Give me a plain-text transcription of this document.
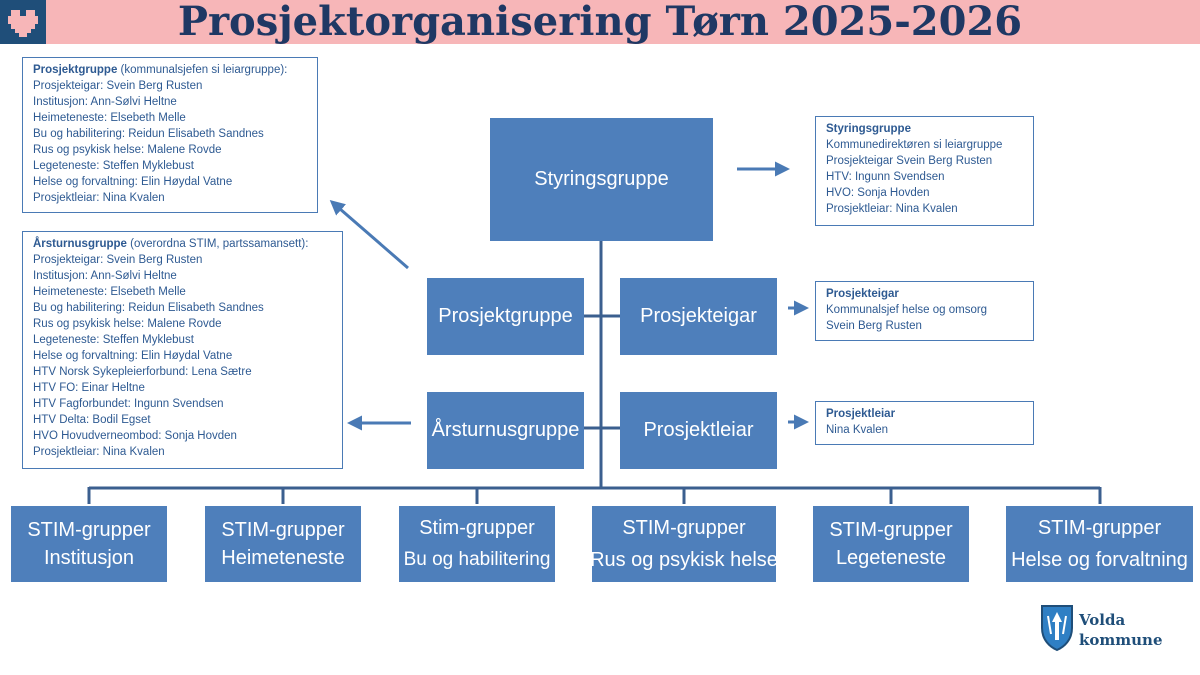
Prosjektorganisering Tørn 2025-2026
Styringsgruppe
Prosjektgruppe	Prosjekteigar
Årsturnusgruppe	Prosjektleiar
STIM-grupper
Institusjon
STIM-grupper
Heimeteneste
Stim-grupper
Bu og habilitering
STIM-grupper
Rus og psykisk helse
STIM-grupper
Legeteneste
STIM-grupper
Helse og forvaltning
Prosjektgruppe (kommunalsjefen si leiargruppe):
Prosjekteigar: Svein Berg Rusten
Institusjon: Ann-Sølvi Heltne
Heimeteneste: Elsebeth Melle
Bu og habilitering: Reidun Elisabeth Sandnes
Rus og psykisk helse: Malene Rovde
Legeteneste: Steffen Myklebust
Helse og forvaltning: Elin Høydal Vatne
Prosjektleiar: Nina Kvalen
Årsturnusgruppe (overordna STIM, partssamansett):
Prosjekteigar: Svein Berg Rusten
Institusjon: Ann-Sølvi Heltne
Heimeteneste: Elsebeth Melle
Bu og habilitering: Reidun Elisabeth Sandnes
Rus og psykisk helse: Malene Rovde
Legeteneste: Steffen Myklebust
Helse og forvaltning: Elin Høydal Vatne
HTV Norsk Sykepleierforbund: Lena Sætre
HTV FO: Einar Heltne
HTV Fagforbundet: Ingunn Svendsen
HTV Delta: Bodil Egset
HVO Hovudverneombod: Sonja Hovden
Prosjektleiar: Nina Kvalen
Styringsgruppe
Kommunedirektøren si leiargruppe
Prosjekteigar Svein Berg Rusten
HTV: Ingunn Svendsen
HVO: Sonja Hovden
Prosjektleiar: Nina Kvalen
Prosjekteigar
Kommunalsjef helse og omsorg
Svein Berg Rusten
Prosjektleiar
Nina Kvalen
Volda
kommune
